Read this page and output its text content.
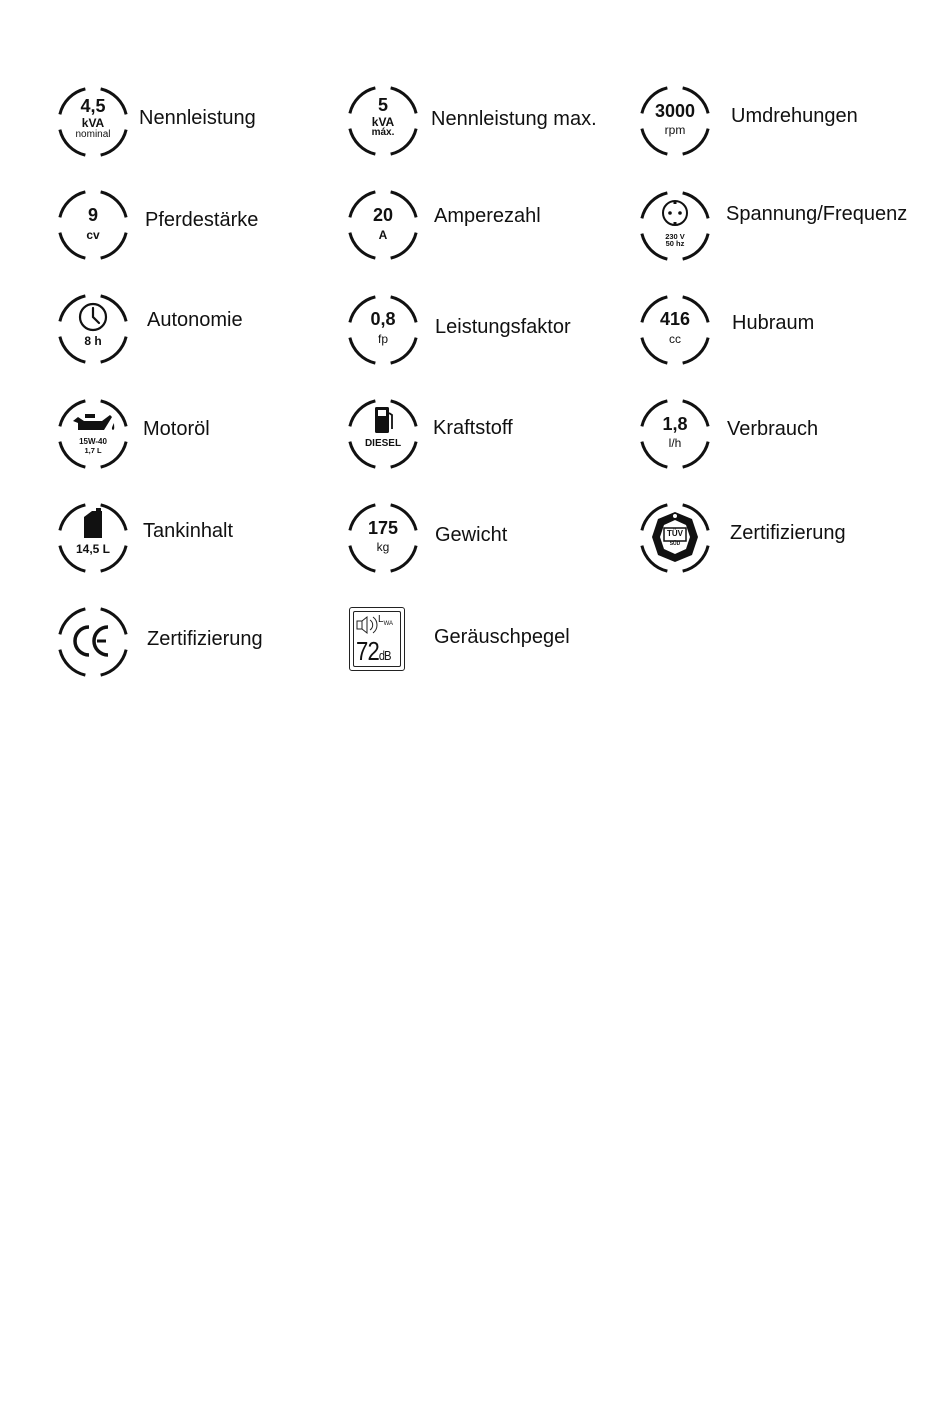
4,5
kVA
nominal
Nennleistung
5
kVA
máx.
Nennleistung max.	3000
rpm
Umdrehungen
9
cv
Pferdestärke	20
A
Amperezahl
230 V
50 hz
Spannung/Frequenz
8 h
Autonomie	0,8
fp
Leistungsfaktor	416
cc
Hubraum
15W-40
1,7 L
Motoröl
DIESEL
Kraftstoff	1,8
l/h
Verbrauch
14,5 L
Tankinhalt	175
kg
Gewicht	TÜV
SÜD	Zertifizierung
Zertifizierung
$L_{WA}$
72dB
Geräuschpegel
